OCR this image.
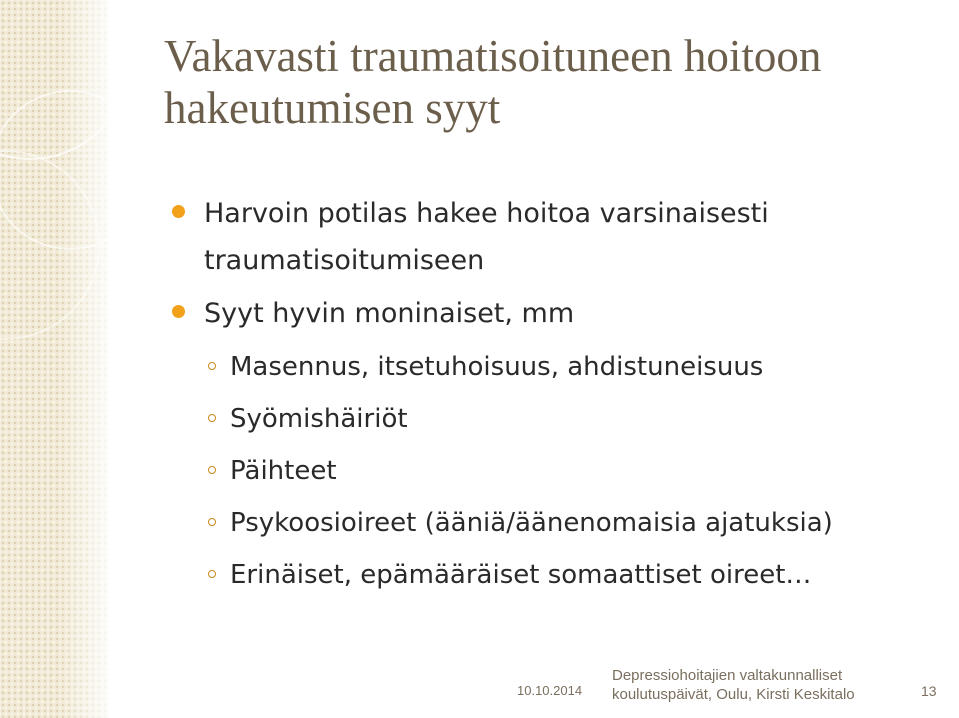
Vakavasti traumatisoituneen hoitoon hakeutumisen syyt
Harvoin potilas hakee hoitoa varsinaisesti traumatisoitumiseen
Syyt hyvin moninaiset, mm
Masennus, itsetuhoisuus, ahdistuneisuus
Syömishäiriöt
Päihteet
Psykoosioireet (ääniä/äänenomaisia ajatuksia)
Erinäiset, epämääräiset somaattiset oireet…
10.10.2014
Depressiohoitajien valtakunnalliset
koulutuspäivät, Oulu, Kirsti Keskitalo	13
